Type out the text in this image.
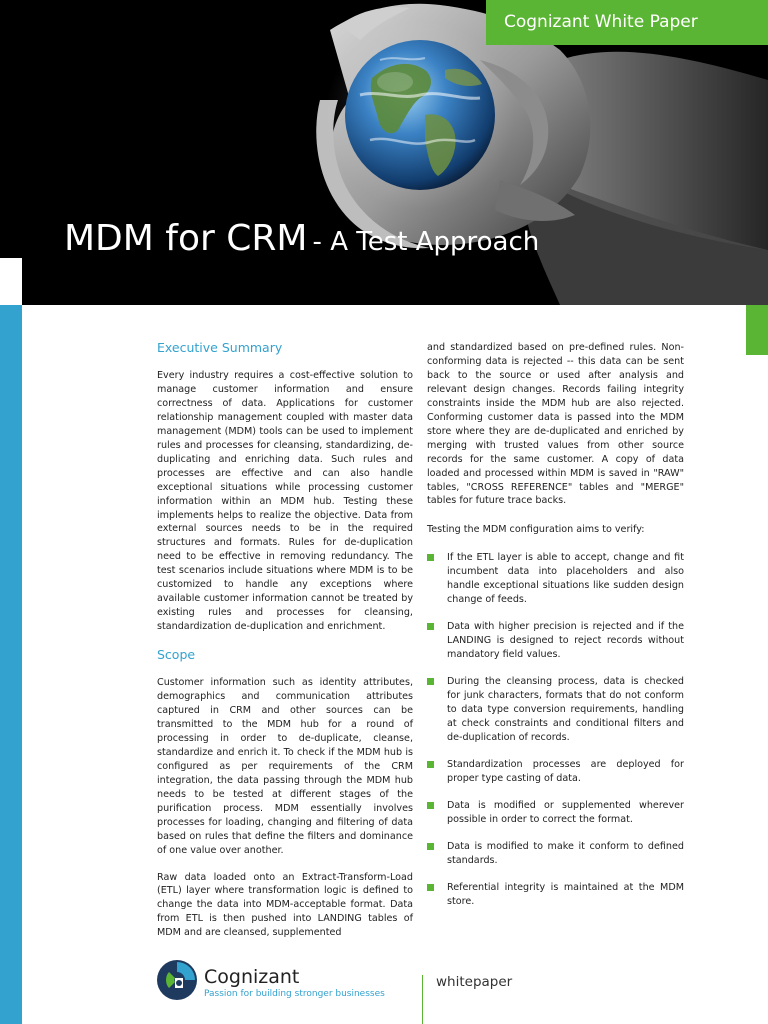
Cognizant White Paper
MDM for CRM - A Test Approach
Executive Summary

Every industry requires a cost-effective solution to manage customer information and ensure correctness of data. Applications for customer relationship management coupled with master data management (MDM) tools can be used to implement rules and processes for cleansing, standardizing, de-duplicating and enriching data. Such rules and processes are effective and can also handle exceptional situations while processing customer information within an MDM hub. Testing these implements helps to realize the objective. Data from external sources needs to be in the required structures and formats. Rules for de-duplication need to be effective in removing redundancy. The test scenarios include situations where MDM is to be customized to handle any exceptions where available customer information cannot be treated by existing rules and processes for cleansing, standardization de-duplication and enrichment.

Scope

Customer information such as identity attributes, demographics and communication attributes captured in CRM and other sources can be transmitted to the MDM hub for a round of processing in order to de-duplicate, cleanse, standardize and enrich it. To check if the MDM hub is configured as per requirements of the CRM integration, the data passing through the MDM hub needs to be tested at different stages of the purification process. MDM essentially involves processes for loading, changing and filtering of data based on rules that define the filters and dominance of one value over another.

Raw data loaded onto an Extract-Transform-Load (ETL) layer where transformation logic is defined to change the data into MDM-acceptable format. Data from ETL is then pushed into LANDING tables of MDM and are cleansed, supplemented

and standardized based on pre-defined rules. Non-conforming data is rejected -- this data can be sent back to the source or used after analysis and relevant design changes. Records failing integrity constraints inside the MDM hub are also rejected. Conforming customer data is passed into the MDM store where they are de-duplicated and enriched by merging with trusted values from other source records for the same customer. A copy of data loaded and processed within MDM is saved in "RAW" tables, "CROSS REFERENCE" tables and "MERGE" tables for future trace backs.

Testing the MDM configuration aims to verify:

If the ETL layer is able to accept, change and fit incumbent data into placeholders and also handle exceptional situations like sudden design change of feeds.
Data with higher precision is rejected and if the LANDING is designed to reject records without mandatory field values.
During the cleansing process, data is checked for junk characters, formats that do not conform to data type conversion requirements, handling at check constraints and conditional filters and de-duplication of records.
Standardization processes are deployed for proper type casting of data.
Data is modified or supplemented wherever possible in order to correct the format.
Data is modified to make it conform to defined standards.
Referential integrity is maintained at the MDM store.
Cognizant
Passion for building stronger businesses
whitepaper
